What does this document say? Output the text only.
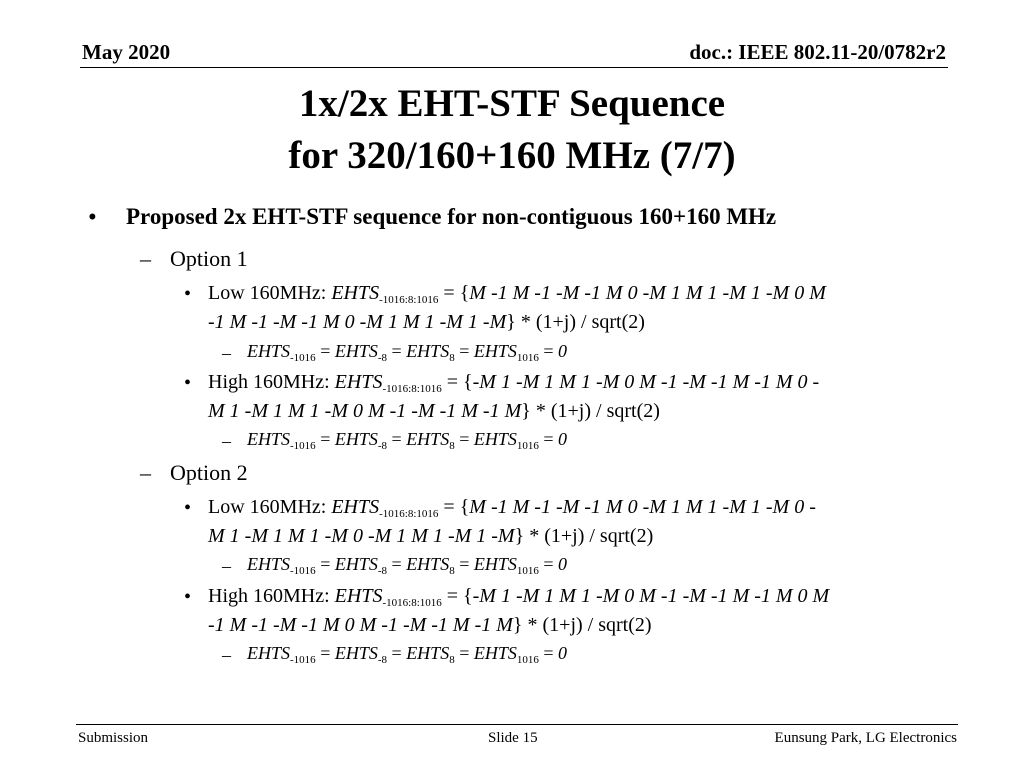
May 2020	doc.: IEEE 802.11-20/0782r2
1x/2x EHT-STF Sequence
for 320/160+160 MHz (7/7)
• Proposed 2x EHT-STF sequence for non-contiguous 160+160 MHz
– Option 1
• Low 160MHz: $EHTS_{-1016:8:1016} = \{M$ -1 M -1 -M -1 M 0 -M 1 M 1 -M 1 -M 0 M
-1 M -1 -M -1 M 0 -M 1 M 1 -M 1 -M} * (1+j) / sqrt(2)
– $EHTS_{-1016}$ = $EHTS_{-8}$ = $EHTS_8$ = $EHTS_{1016} = 0$
• High 160MHz: $EHTS_{-1016:8:1016} = \{-M$ 1 -M 1 M 1 -M 0 M -1 -M -1 M -1 M 0 -
M 1 -M 1 M 1 -M 0 M -1 -M -1 M -1 M} * (1+j) / sqrt(2)
– $EHTS_{-1016}$ = $EHTS_{-8}$ = $EHTS_8$ = $EHTS_{1016} = 0$
– Option 2
• Low 160MHz: $EHTS_{-1016:8:1016} = \{M$ -1 M -1 -M -1 M 0 -M 1 M 1 -M 1 -M 0 -
M 1 -M 1 M 1 -M 0 -M 1 M 1 -M 1 -M} * (1+j) / sqrt(2)
– $EHTS_{-1016}$ = $EHTS_{-8}$ = $EHTS_8$ = $EHTS_{1016} = 0$
• High 160MHz: $EHTS_{-1016:8:1016} = \{-M$ 1 -M 1 M 1 -M 0 M -1 -M -1 M -1 M 0 M
-1 M -1 -M -1 M 0 M -1 -M -1 M -1 M} * (1+j) / sqrt(2)
– $EHTS_{-1016}$ = $EHTS_{-8}$ = $EHTS_8$ = $EHTS_{1016} = 0$
Submission	Slide 15	Eunsung Park, LG Electronics
